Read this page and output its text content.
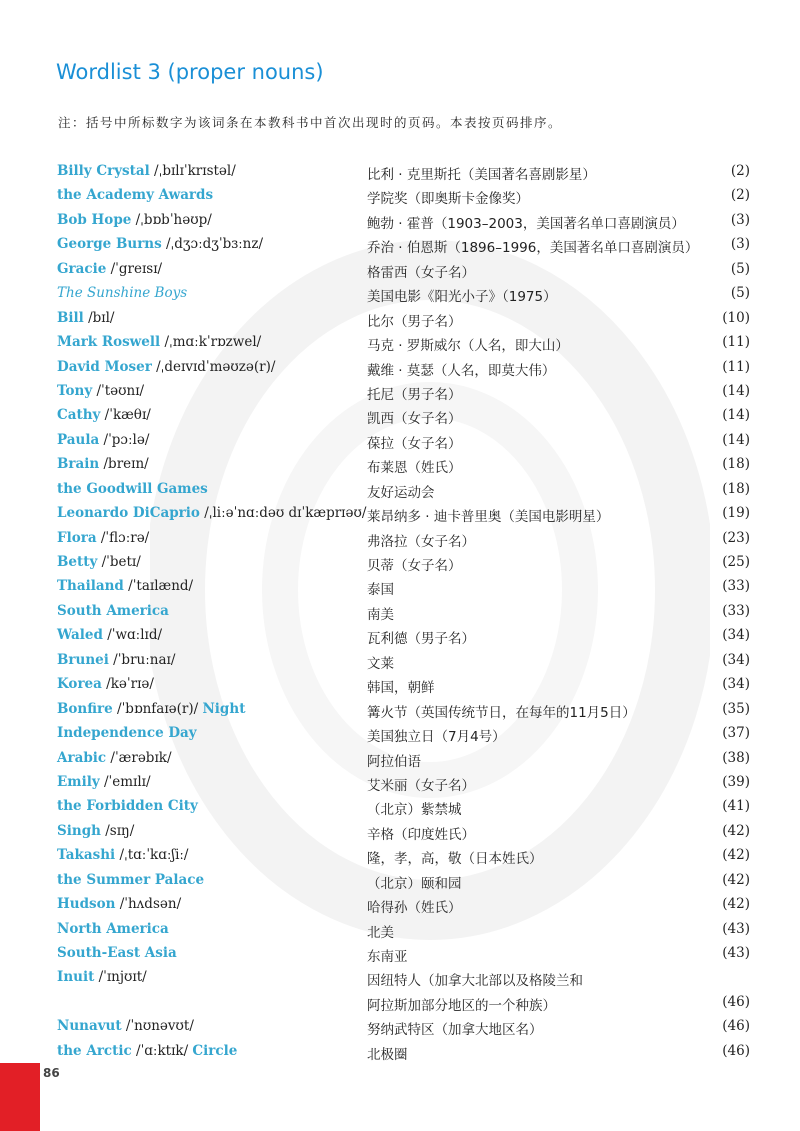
Wordlist 3 (proper nouns)
注：括号中所标数字为该词条在本教科书中首次出现时的页码。本表按页码排序。
Billy Crystal /ˌbɪlɪˈkrɪstəl/	比利 · 克里斯托（美国著名喜剧影星）	(2)
the Academy Awards	学院奖（即奥斯卡金像奖）	(2)
Bob Hope /ˌbɒbˈhəʊp/	鲍勃 · 霍普（1903–2003，美国著名单口喜剧演员）	(3)
George Burns /ˌdʒɔːdʒˈbɜːnz/	乔治 · 伯恩斯（1896–1996，美国著名单口喜剧演员） (3)
Gracie /ˈgreɪsɪ/	格雷西（女子名）	(5)
The Sunshine Boys	美国电影《阳光小子》（1975）	(5)
Bill /bɪl/	比尔（男子名）	(10)
Mark Roswell /ˌmɑːkˈrɒzwel/	马克 · 罗斯威尔（人名，即大山）	(11)
David Moser /ˌdeɪvɪdˈməʊzə(r)/	戴维 · 莫瑟（人名，即莫大伟）	(11)
Tony /ˈtəʊnɪ/	托尼（男子名）	(14)
Cathy /ˈkæθɪ/	凯西（女子名）	(14)
Paula /ˈpɔːlə/	葆拉（女子名）	(14)
Brain /breɪn/	布莱恩（姓氏）	(18)
the Goodwill Games	友好运动会	(18)
Leonardo DiCaprio /ˌliːəˈnɑːdəʊ dɪˈkæprɪəʊ/ 莱昂纳多 · 迪卡普里奥（美国电影明星）	(19)
Flora /ˈflɔːrə/	弗洛拉（女子名）	(23)
Betty /ˈbetɪ/	贝蒂（女子名）	(25)
Thailand /ˈtaɪlænd/	泰国	(33)
South America	南美	(33)
Waled /ˈwɑːlɪd/	瓦利德（男子名）	(34)
Brunei /ˈbruːnaɪ/	文莱	(34)
Korea /kəˈrɪə/	韩国，朝鲜	(34)
Bonfire /ˈbɒnfaɪə(r)/ Night	篝火节（英国传统节日，在每年的11月5日）	(35)
Independence Day	美国独立日（7月4号）	(37)
Arabic /ˈærəbɪk/	阿拉伯语	(38)
Emily /ˈemɪlɪ/	艾米丽（女子名）	(39)
the Forbidden City	（北京）紫禁城	(41)
Singh /sɪŋ/	辛格（印度姓氏）	(42)
Takashi /ˌtɑːˈkɑːʃiː/	隆，孝，高，敬（日本姓氏）	(42)
the Summer Palace	（北京）颐和园	(42)
Hudson /ˈhʌdsən/	哈得孙（姓氏）	(42)
North America	北美	(43)
South-East Asia	东南亚	(43)
Inuit /ˈɪnjʊɪt/	因纽特人（加拿大北部以及格陵兰和
阿拉斯加部分地区的一个种族）	(46)
Nunavut /ˈnʊnəvʊt/	努纳武特区（加拿大地区名）	(46)
the Arctic /ˈɑːktɪk/ Circle	北极圈	(46)
86
